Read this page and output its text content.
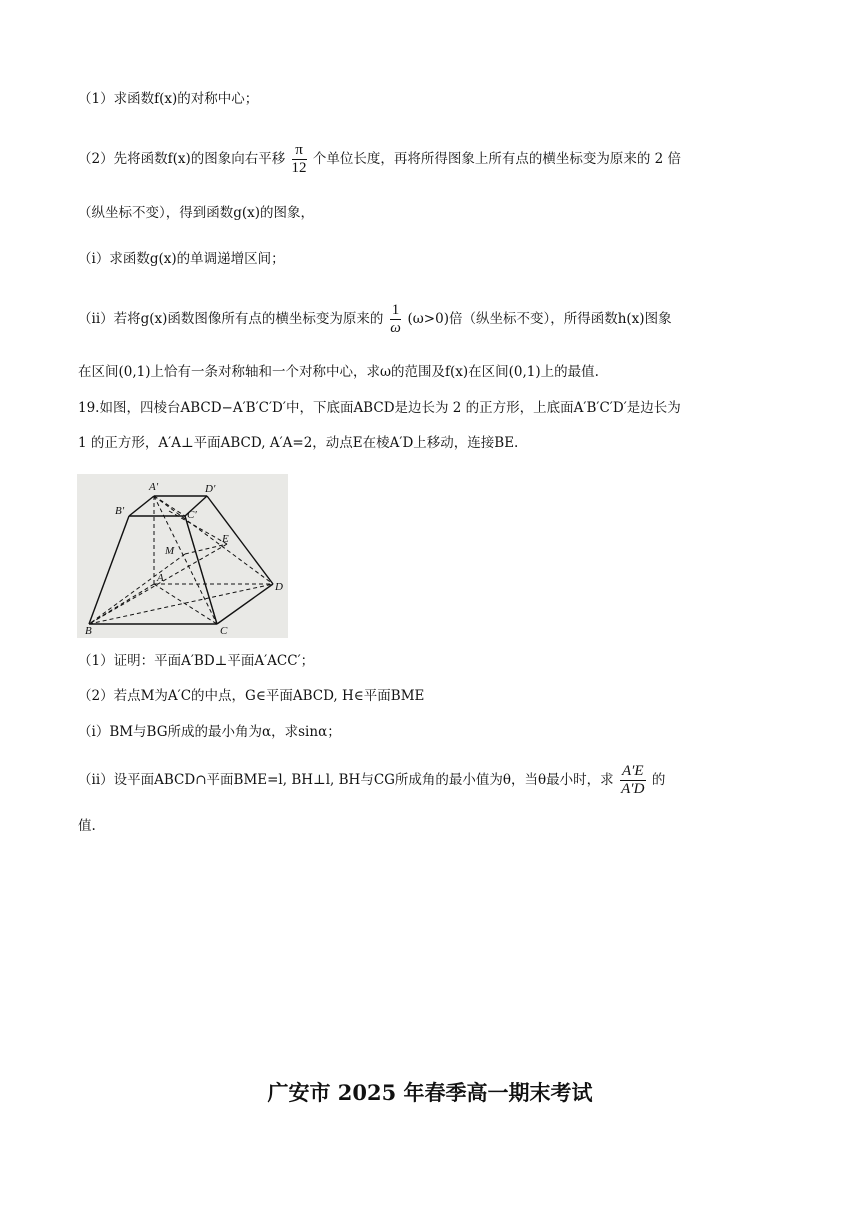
（1）求函数f(x)的对称中心；
（2）先将函数f(x)的图象向右平移 $\frac{\pi}{12}$ 个单位长度，再将所得图象上所有点的横坐标变为原来的 2 倍
（纵坐标不变），得到函数g(x)的图象，
（i）求函数g(x)的单调递增区间；
（ii）若将g(x)函数图像所有点的横坐标变为原来的 $\frac{1}{\omega} (\omega>0)$倍（纵坐标不变），所得函数h(x)图象
在区间(0,1)上恰有一条对称轴和一个对称中心，求ω的范围及f(x)在区间(0,1)上的最值.
19.如图，四棱台ABCD−A′B′C′D′中，下底面ABCD是边长为 2 的正方形，上底面A′B′C′D′是边长为
1 的正方形，A′A⊥平面ABCD, A′A=2，动点E在棱A′D上移动，连接BE.
A′	D′
B′	C′
M
E
A
D
B	C
（1）证明：平面A′BD⊥平面A′ACC′；
（2）若点M为A′C的中点，G∈平面ABCD, H∈平面BME
（i）BM与BG所成的最小角为α，求sinα；
（ii）设平面ABCD∩平面BME=l, BH⊥l, BH与CG所成角的最小值为θ，当θ最小时，求 $\frac{A'E}{A'D}$ 的
值.
广安市 2025 年春季高一期末考试
